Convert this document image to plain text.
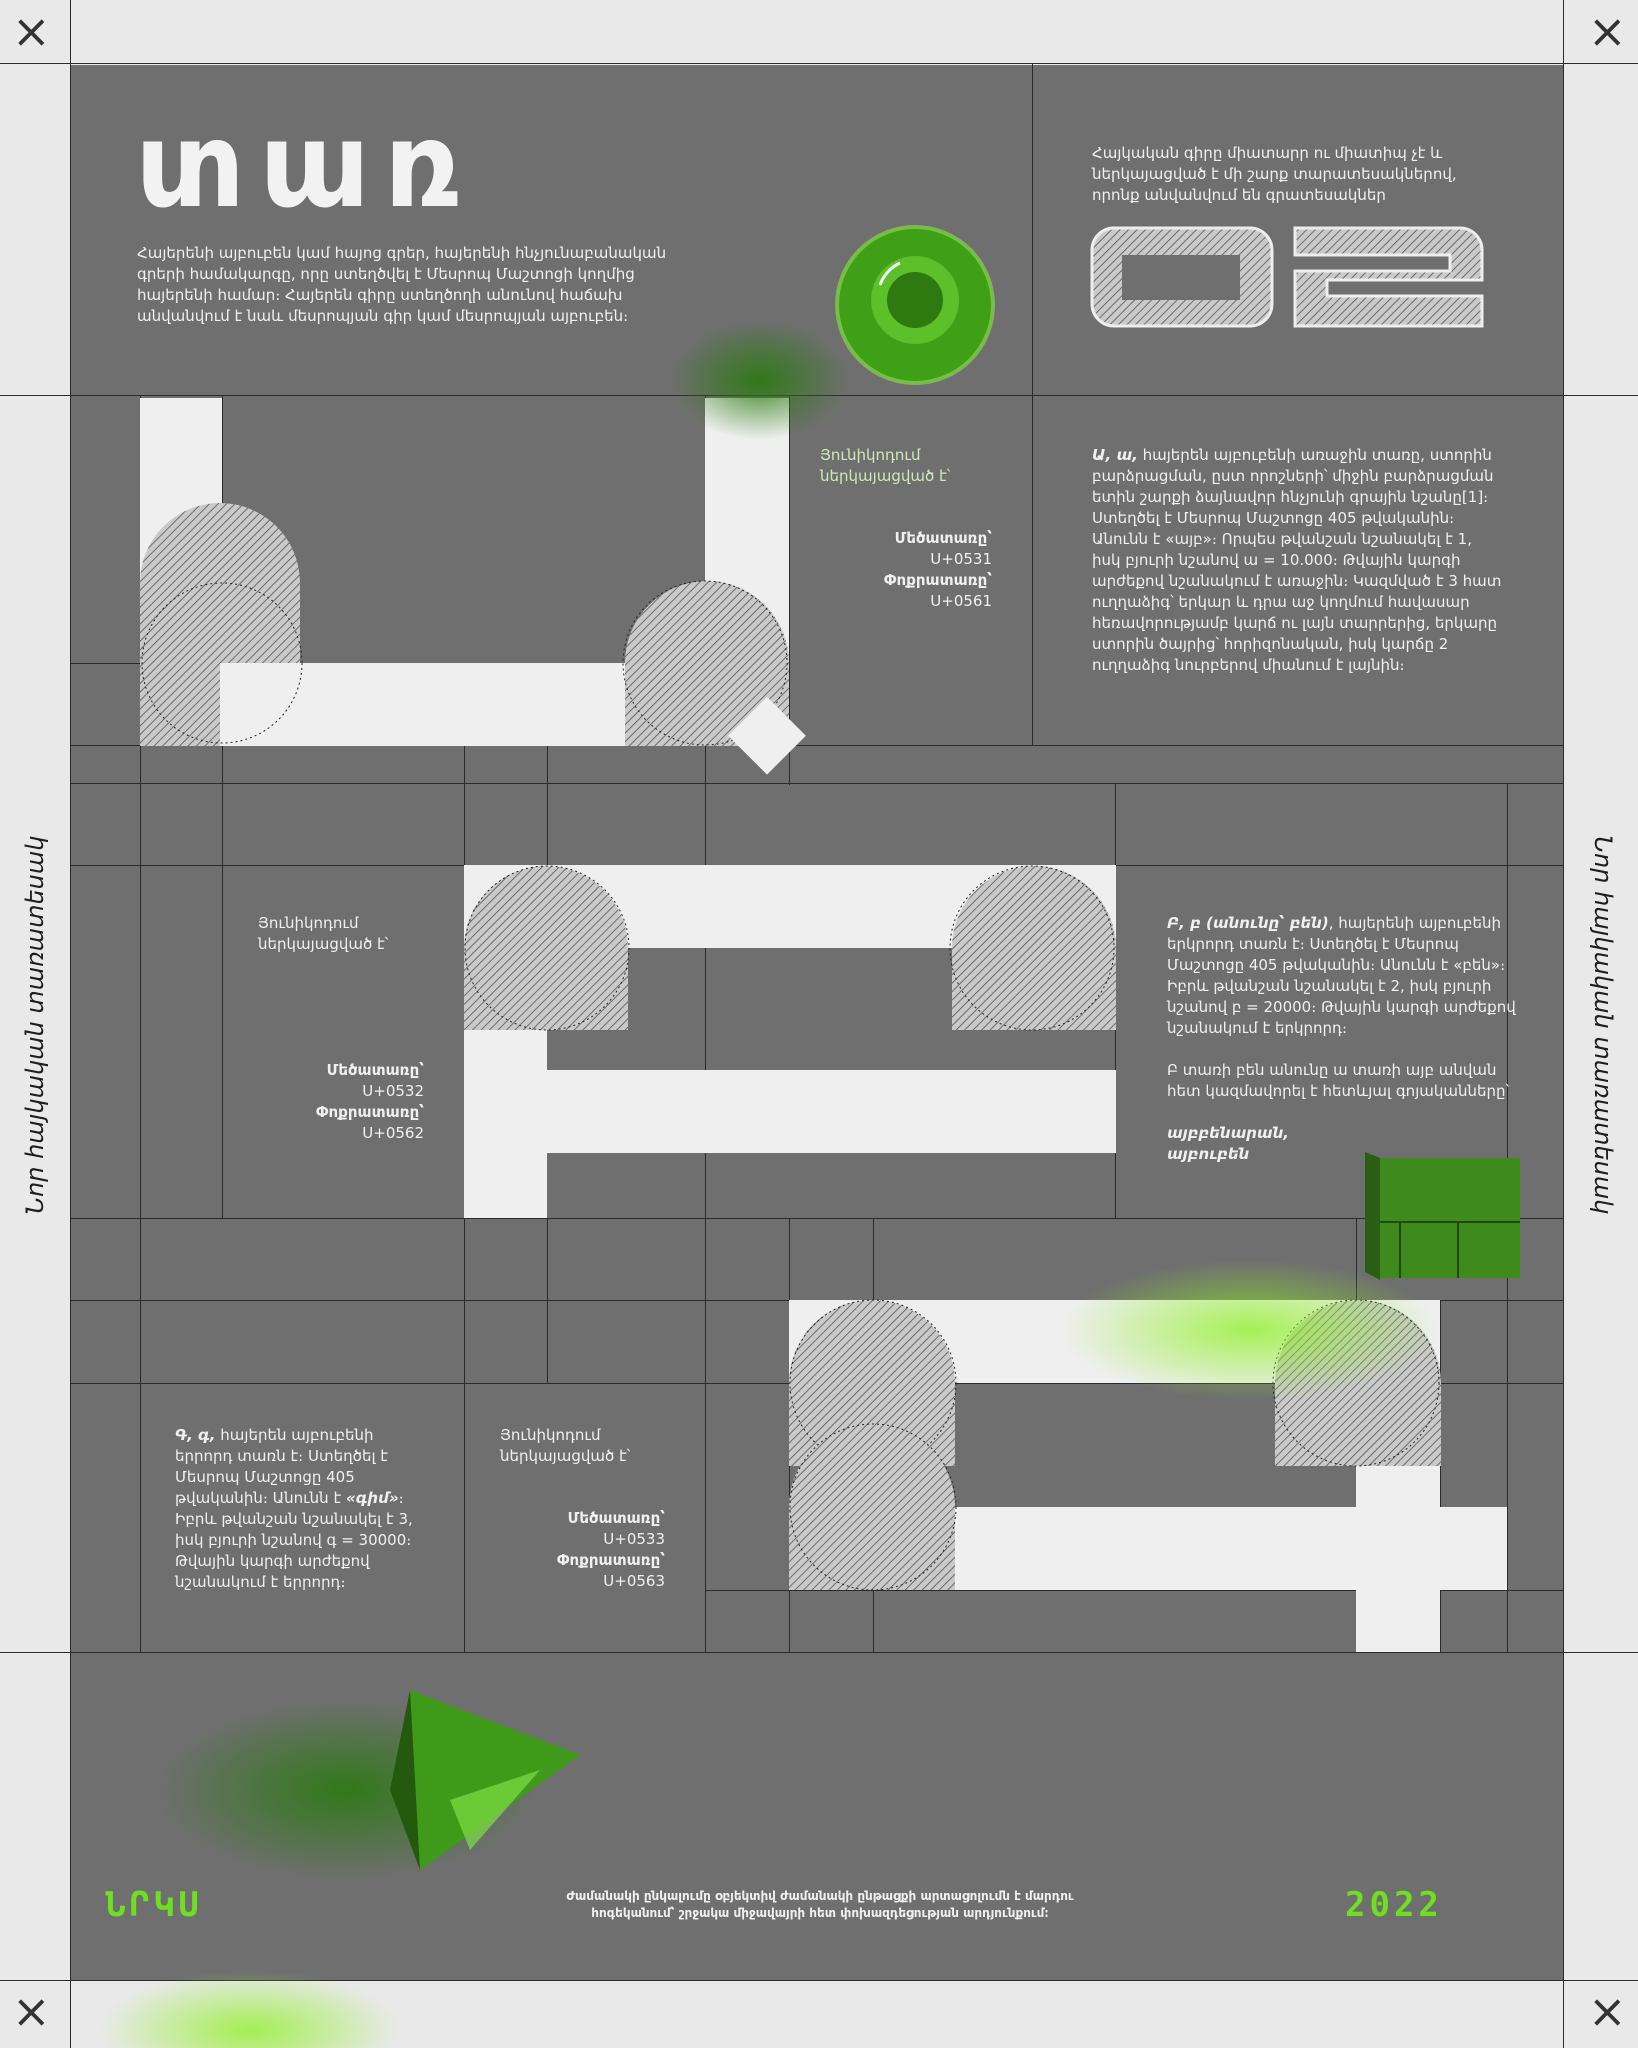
×	×
×	×
Նոր հայկական տառատեսակ	Նոր հայկական տառատեսակ
տառ

Հայերենի այբուբեն կամ հայոց գրեր, հայերենի հնչյունաբանական գրերի համակարգը, որը ստեղծվել է Մեսրոպ Մաշտոցի կողմից հայերենի համար։ Հայերեն գիրը ստեղծողի անունով հաճախ անվանվում է նաև մեսրոպյան գիր կամ մեսրոպյան այբուբեն։

Հայկական գիրը միատարր ու միատիպ չէ և ներկայացված է մի շարք տարատեսակներով, որոնք անվանվում են գրատեսակներ

02

Յունիկոդում ներկայացված է՝

Մեծատառը՝

U+0531

Փոքրատառը՝

U+0561

Ա, ա, հայերեն այբուբենի առաջին տառը, ստորին բարձրացման, ըստ որոշների՝ միջին բարձրացման ետին շարքի ձայնավոր հնչյունի գրային նշանը[1]։ Ստեղծել է Մեսրոպ Մաշտոցը 405 թվականին։ Անունն է «այբ»։ Որպես թվանշան նշանակել է 1, իսկ բյուրի նշանով ա = 10.000։ Թվային կարգի արժեքով նշանակում է առաջին։ Կազմված է 3 հատ ուղղաձիգ՝ երկար և դրա աջ կողմում հավասար հեռավորությամբ կարճ ու լայն տարրերից, երկարը ստորին ծայրից՝ հորիզոնական, իսկ կարճը 2 ուղղաձիգ նուրբերով միանում է լայնին։

Յունիկոդում ներկայացված է՝

Մեծատառը՝

U+0532

Փոքրատառը՝

U+0562

Բ, բ (անունը՝ բեն), հայերենի այբուբենի երկրորդ տառն է։ Ստեղծել է Մեսրոպ Մաշտոցը 405 թվականին։ Անունն է «բեն»։ Իբրև թվանշան նշանակել է 2, իսկ բյուրի նշանով բ = 20000։ Թվային կարգի արժեքով նշանակում է երկրորդ։

Բ տառի բեն անունը ա տառի այբ անվան հետ կազմավորել է հետևյալ գոյականները՝

այբբենարան, այբուբեն

Գ, գ, հայերեն այբուբենի երրորդ տառն է։ Ստեղծել է Մեսրոպ Մաշտոցը 405 թվականին։ Անունն է «գիմ»։ Իբրև թվանշան նշանակել է 3, իսկ բյուրի նշանով գ = 30000։ Թվային կարգի արժեքով նշանակում է երրորդ։

Յունիկոդում ներկայացված է՝

Մեծատառը՝

U+0533

Փոքրատառը՝

U+0563

ՆՐԿՍ	Ժամանակի ընկալումը օբյեկտիվ ժամանակի ընթացքի արտացոլումն է մարդու հոգեկանում՝ շրջակա միջավայրի հետ փոխազդեցության արդյունքում։	2022
